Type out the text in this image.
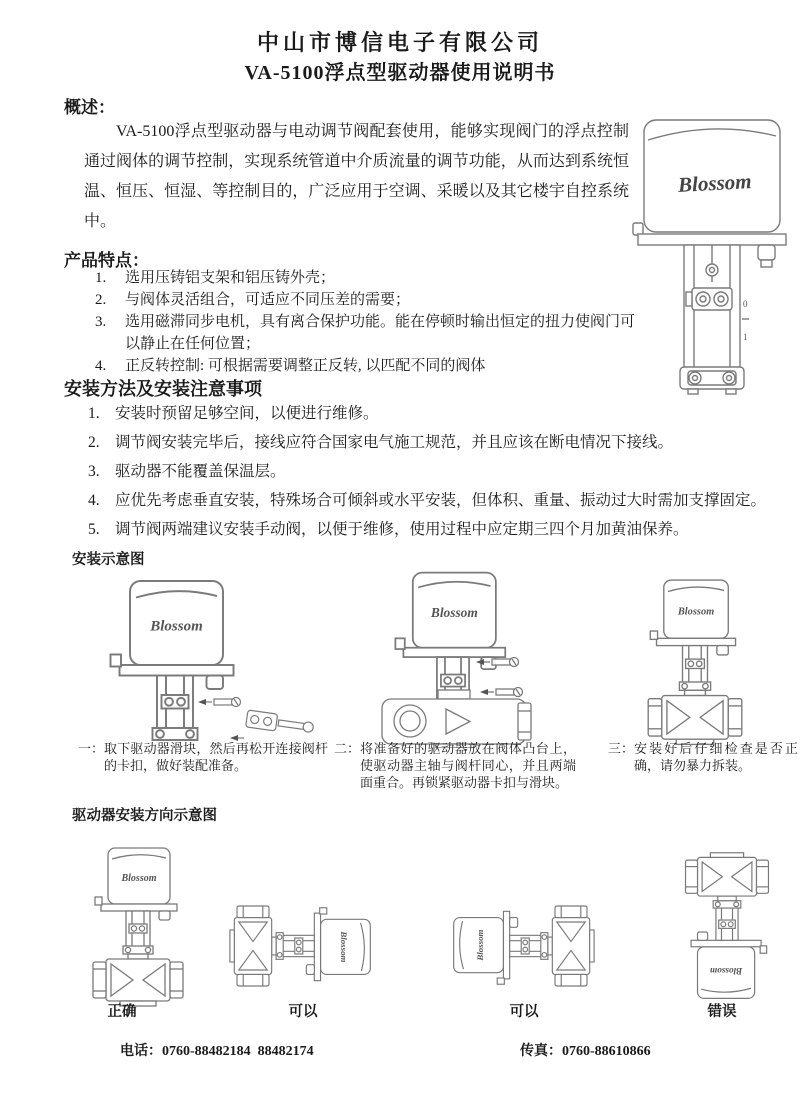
中山市博信电子有限公司
VA-5100浮点型驱动器使用说明书
概述：
VA-5100浮点型驱动器与电动调节阀配套使用，能够实现阀门的浮点控制通过阀体的调节控制，实现系统管道中介质流量的调节功能，从而达到系统恒温、恒压、恒湿、等控制目的，广泛应用于空调、采暖以及其它楼宇自控系统中。
Blossom
0
1
产品特点：
1.	选用压铸铝支架和铝压铸外壳；
2.	与阀体灵活组合，可适应不同压差的需要；
3.	选用磁滞同步电机，具有离合保护功能。能在停顿时输出恒定的扭力使阀门可以静止在任何位置；
4.	正反转控制: 可根据需要调整正反转, 以匹配不同的阀体
安装方法及安装注意事项
1. 安装时预留足够空间，以便进行维修。
2. 调节阀安装完毕后，接线应符合国家电气施工规范，并且应该在断电情况下接线。
3. 驱动器不能覆盖保温层。
4. 应优先考虑垂直安装，特殊场合可倾斜或水平安装，但体积、重量、振动过大时需加支撑固定。
5. 调节阀两端建议安装手动阀，以便于维修，使用过程中应定期三四个月加黄油保养。
安装示意图
一： 取下驱动器滑块，然后再松开连接阀杆的卡扣，做好装配准备。
二： 将准备好的驱动器放在阀体凸台上，使驱动器主轴与阀杆同心，并且两端面重合。再锁紧驱动器卡扣与滑块。
三： 安装好后仔细检查是否正确，请勿暴力拆装。
驱动器安装方向示意图
正确	可以	可以	错误
电话：0760-88482184  88482174	传真：0760-88610866
